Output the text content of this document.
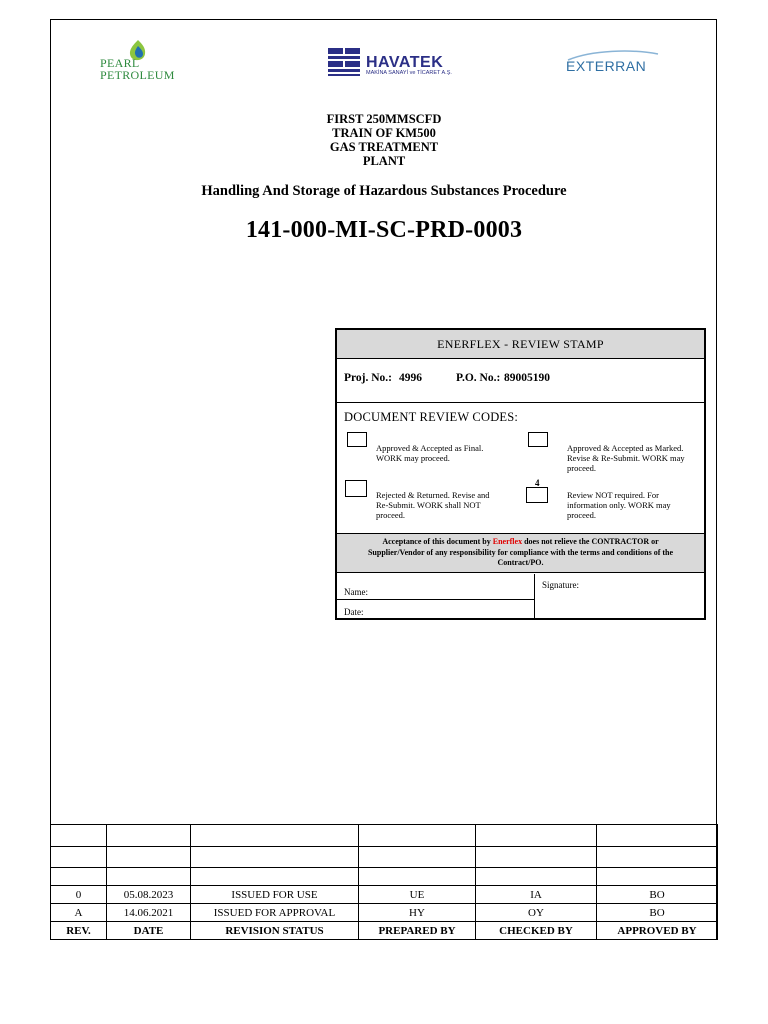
PEARL
PETROLEUM
HAVATEK
MAKİNA SANAYİ ve TİCARET A.Ş.	EXTERRAN
FIRST 250MMSCFD
TRAIN OF KM500
GAS TREATMENT
PLANT
Handling And Storage of Hazardous Substances Procedure
141-000-MI-SC-PRD-0003
ENERFLEX - REVIEW STAMP
Proj. No.: 4996	P.O. No.: 89005190
DOCUMENT REVIEW CODES:
Approved & Accepted as Final.
WORK may proceed.
Approved & Accepted as Marked.
Revise & Re-Submit. WORK may
proceed.
Rejected & Returned. Revise and
Re-Submit. WORK shall NOT
proceed.
4
Review NOT required. For
information only. WORK may
proceed.
Acceptance of this document by Enerflex does not relieve the CONTRACTOR or
Supplier/Vendor of any responsibility for compliance with the terms and conditions of the
Contract/PO.
Name:
Date:
Signature:

0	05.08.2023	ISSUED FOR USE	UE	IA	BO
A	14.06.2021	ISSUED FOR APPROVAL	HY	OY	BO
REV.	DATE	REVISION STATUS	PREPARED BY	CHECKED BY	APPROVED BY
